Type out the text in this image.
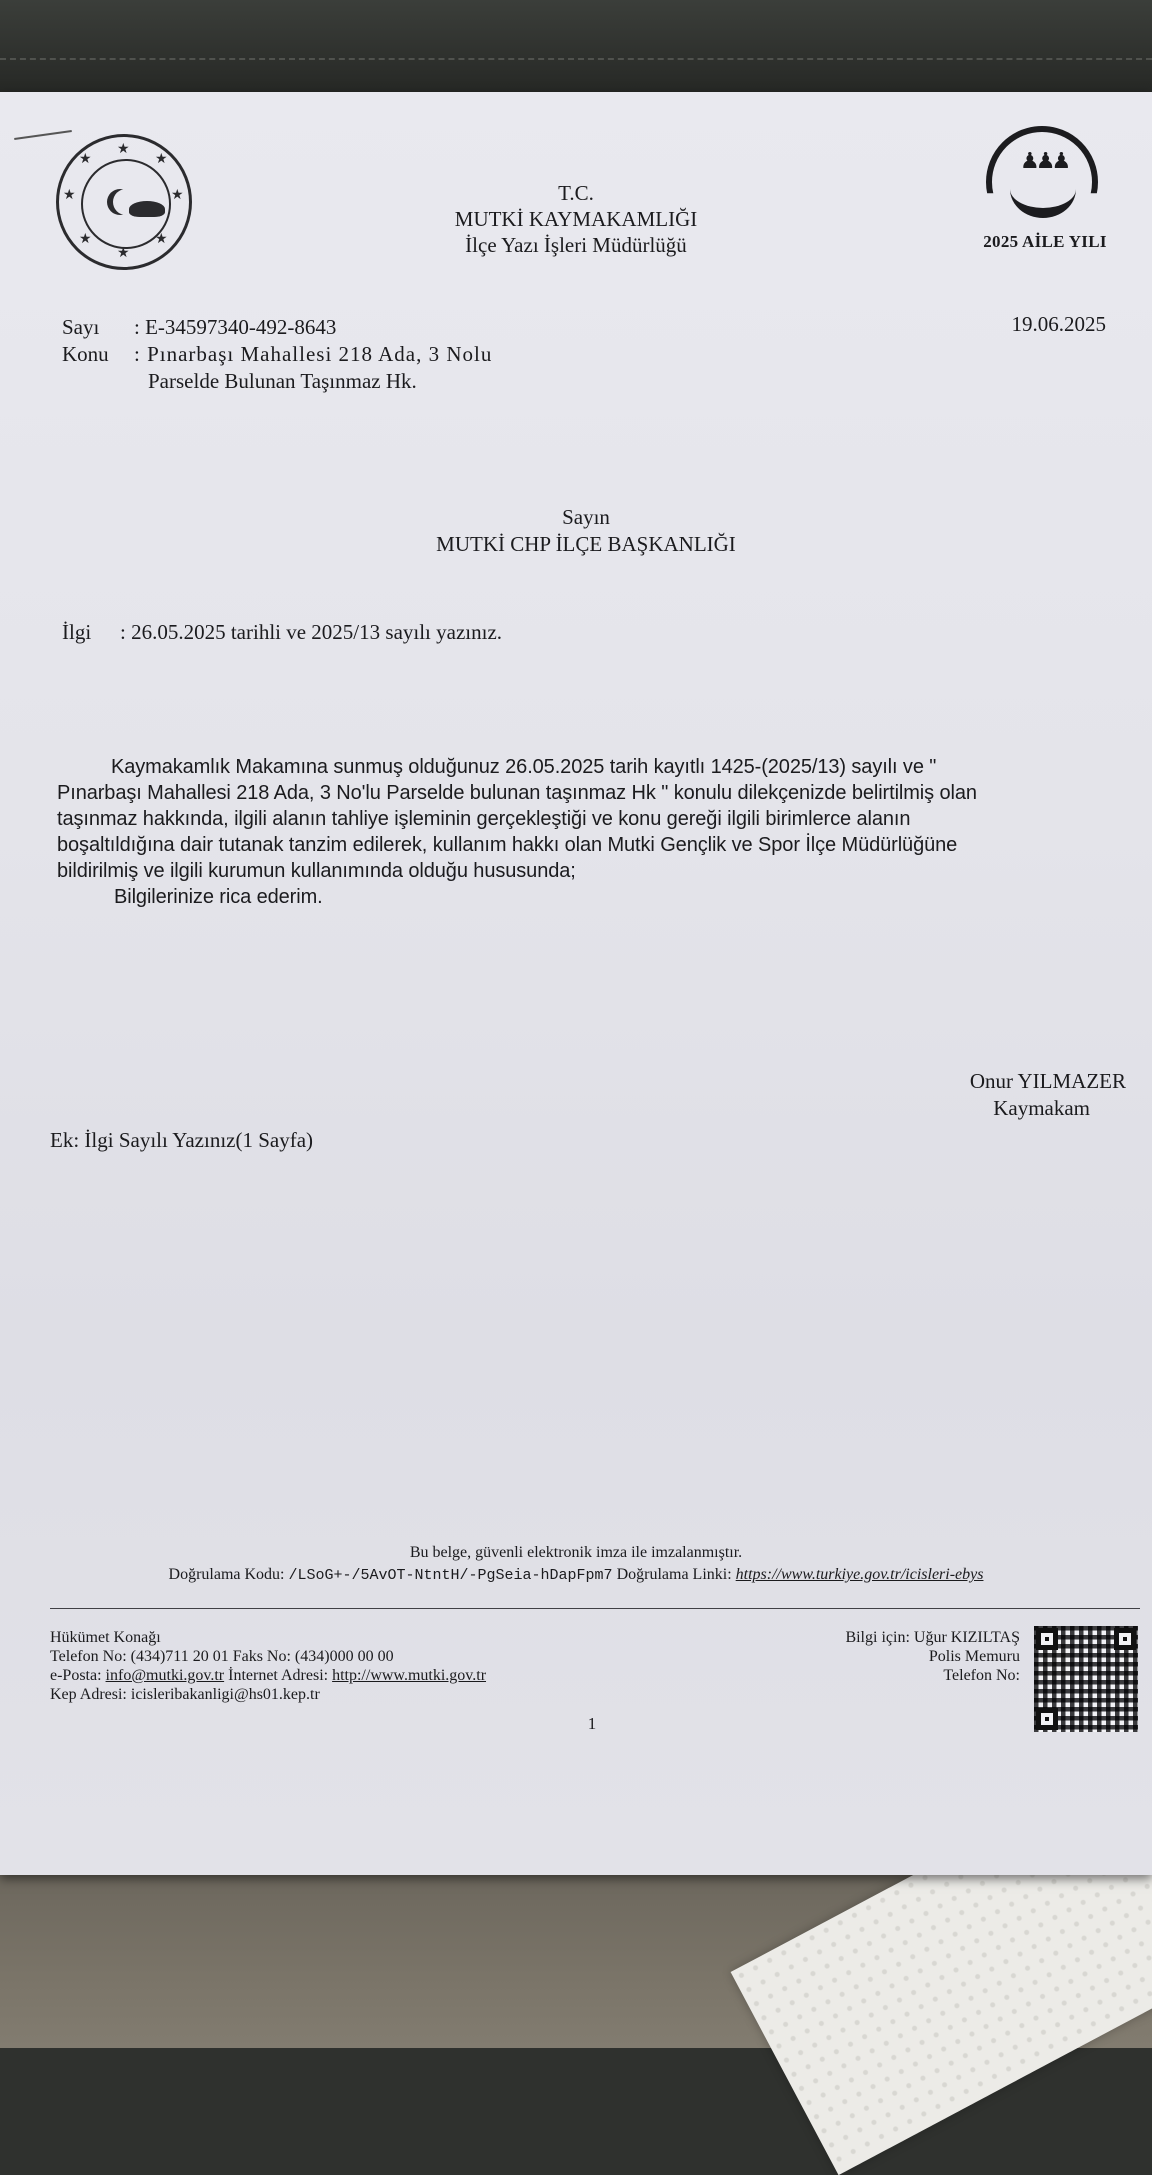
★
★
★
★
★
★
★
★	♟♟♟
2025 AİLE YILI
T.C.
MUTKİ KAYMAKAMLIĞI
İlçe Yazı İşleri Müdürlüğü
Sayı : E-34597340-492-8643
Konu : Pınarbaşı Mahallesi 218 Ada, 3 Nolu
Parselde Bulunan Taşınmaz Hk.
19.06.2025
Sayın
MUTKİ CHP İLÇE BAŞKANLIĞI
İlgi : 26.05.2025 tarihli ve 2025/13 sayılı yazınız.
Kaymakamlık Makamına sunmuş olduğunuz 26.05.2025 tarih kayıtlı 1425-(2025/13) sayılı ve "
Pınarbaşı Mahallesi 218 Ada, 3 No'lu Parselde bulunan taşınmaz Hk " konulu dilekçenizde belirtilmiş olan
taşınmaz hakkında, ilgili alanın tahliye işleminin gerçekleştiği ve konu gereği ilgili birimlerce alanın
boşaltıldığına dair tutanak tanzim edilerek, kullanım hakkı olan Mutki Gençlik ve Spor İlçe Müdürlüğüne
bildirilmiş ve ilgili kurumun kullanımında olduğu hususunda;
Bilgilerinize rica ederim.
Onur YILMAZER

Kaymakam
Ek: İlgi Sayılı Yazınız(1 Sayfa)
Bu belge, güvenli elektronik imza ile imzalanmıştır.
Doğrulama Kodu: /LSoG+-/5AvOT-NtntH/-PgSeia-hDapFpm7 Doğrulama Linki: https://www.turkiye.gov.tr/icisleri-ebys
Hükümet Konağı
Telefon No: (434)711 20 01 Faks No: (434)000 00 00
e-Posta: info@mutki.gov.tr İnternet Adresi: http://www.mutki.gov.tr
Kep Adresi: icisleribakanligi@hs01.kep.tr
Bilgi için: Uğur KIZILTAŞ
Polis Memuru
Telefon No:
1
